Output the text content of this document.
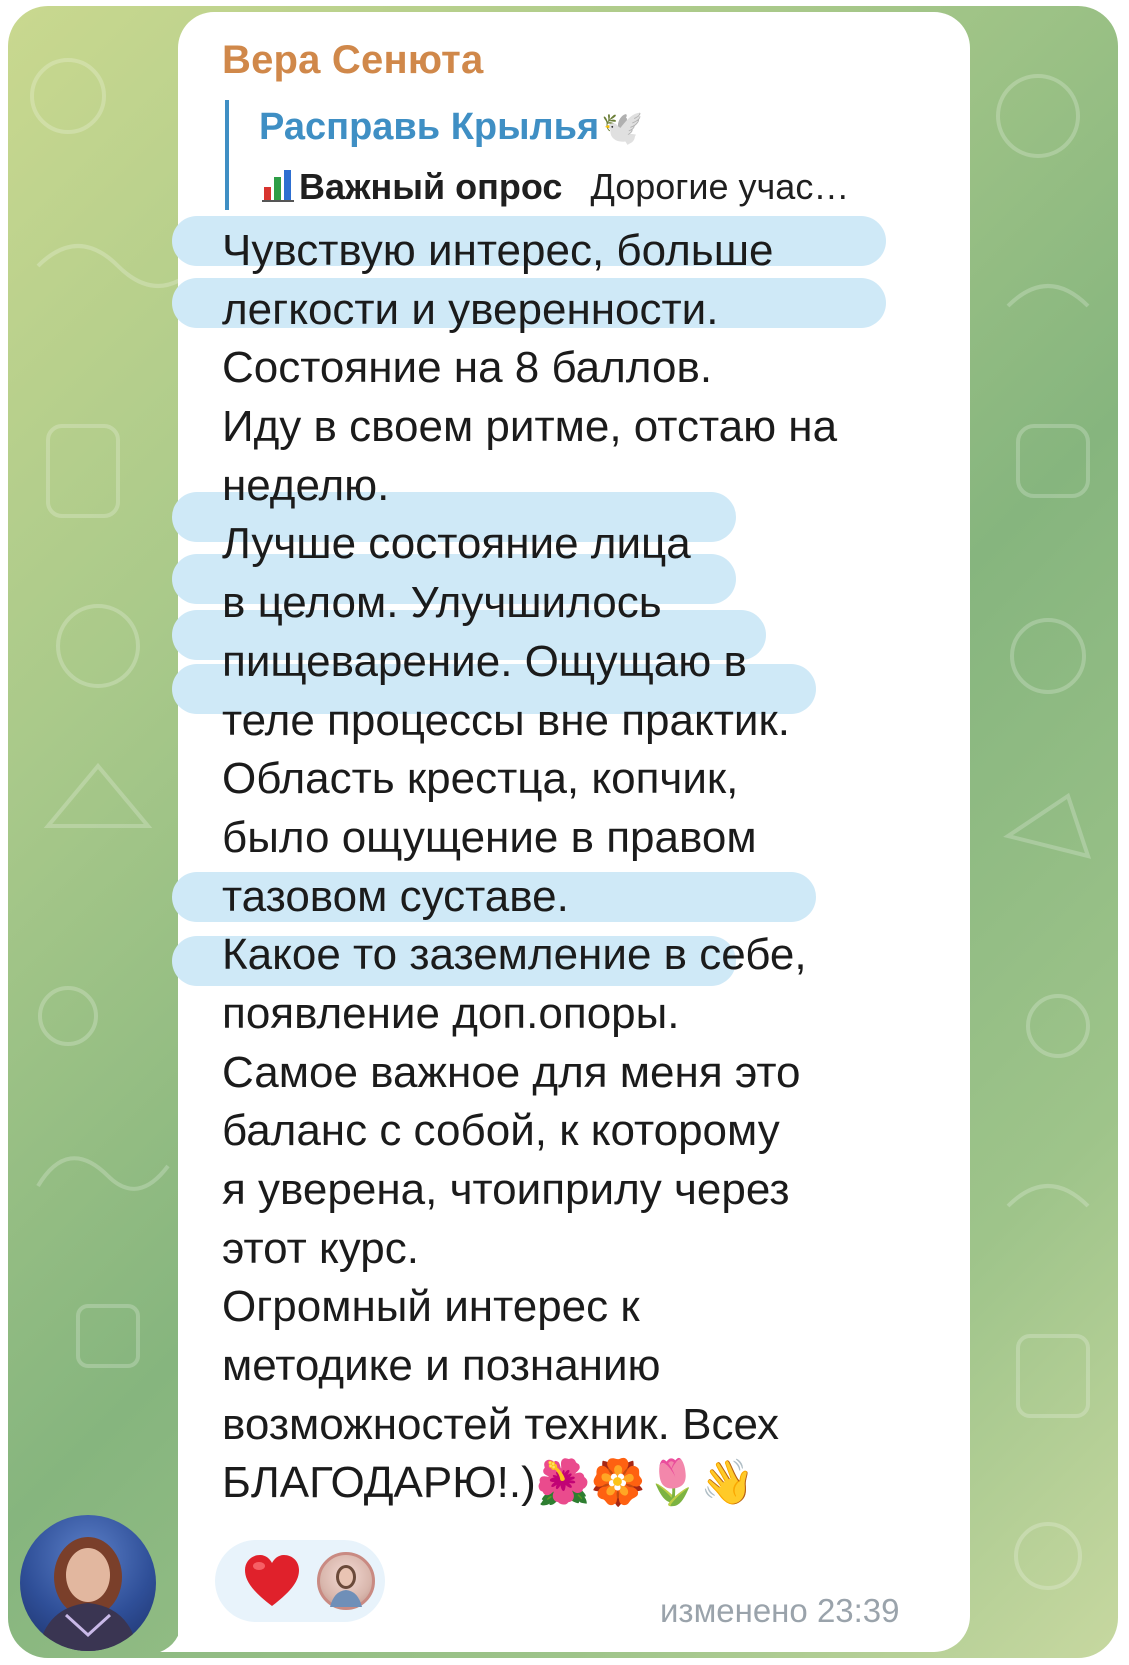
Вера Сенюта
Расправь Крылья🕊️
Важный опрос Дорогие учас…
Чувствую интерес, больше
легкости и уверенности.
Состояние на 8 баллов.
Иду в своем ритме, отстаю на
неделю.
Лучше состояние лица
в целом. Улучшилось
пищеварение. Ощущаю в
теле процессы вне практик.
Область крестца, копчик,
было ощущение в правом
тазовом суставе.
Какое то заземление в себе,
появление доп.опоры.
Самое важное для меня это
баланс с собой, к которому
я уверена, чтоиприлу через
этот курс.
Огромный интерес к
методике и познанию
возможностей техник. Всех
БЛАГОДАРЮ!.)🌺🏵️🌷👋
изменено 23:39
